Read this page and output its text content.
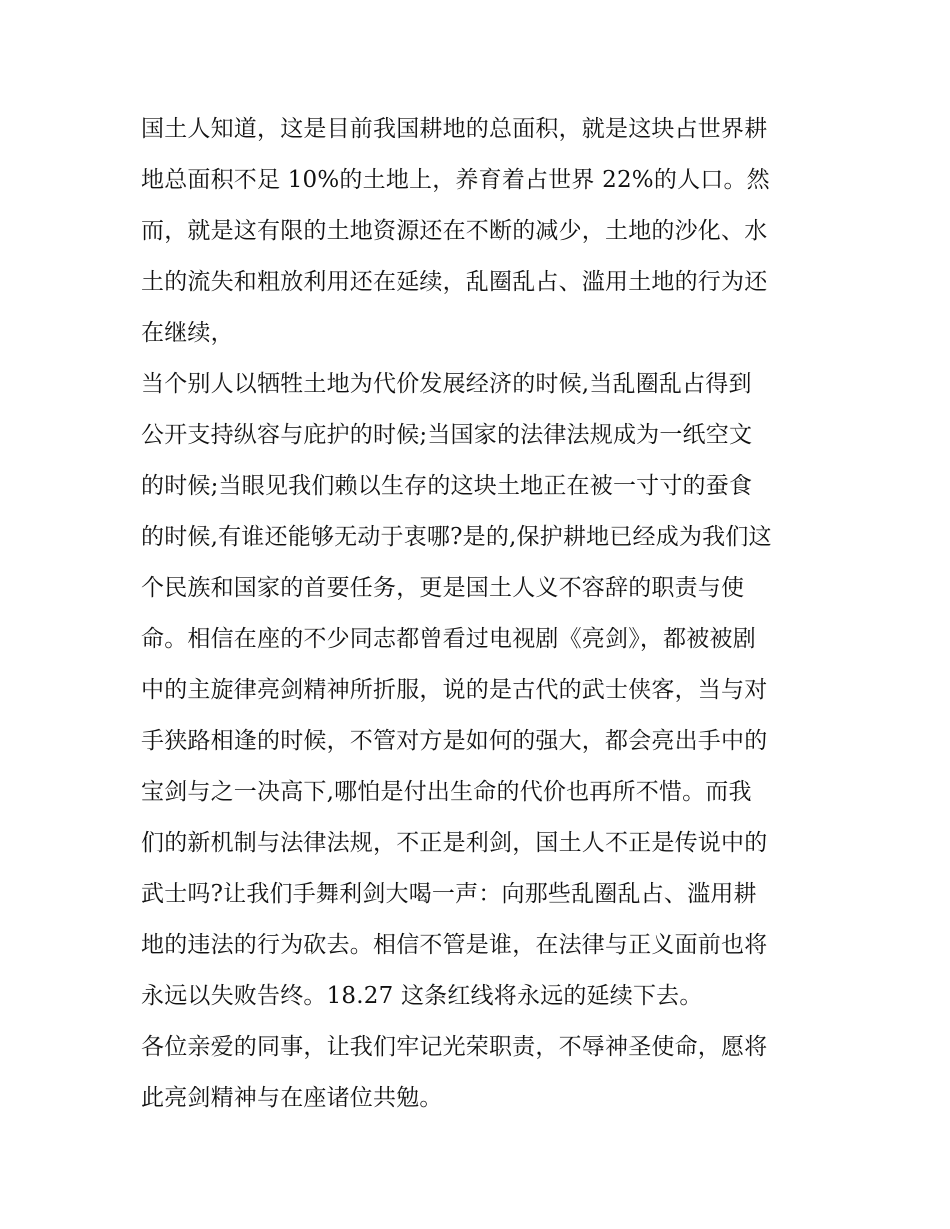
国土人知道，这是目前我国耕地的总面积，就是这块占世界耕
地总面积不足 10%的土地上，养育着占世界 22%的人口。然
而，就是这有限的土地资源还在不断的减少，土地的沙化、水
土的流失和粗放利用还在延续，乱圈乱占、滥用土地的行为还
在继续，

当个别人以牺牲土地为代价发展经济的时候,当乱圈乱占得到
公开支持纵容与庇护的时候;当国家的法律法规成为一纸空文
的时候;当眼见我们赖以生存的这块土地正在被一寸寸的蚕食
的时候,有谁还能够无动于衷哪?是的,保护耕地已经成为我们这
个民族和国家的首要任务，更是国土人义不容辞的职责与使
命。相信在座的不少同志都曾看过电视剧《亮剑》，都被被剧
中的主旋律亮剑精神所折服，说的是古代的武士侠客，当与对
手狭路相逢的时候，不管对方是如何的强大，都会亮出手中的
宝剑与之一决高下,哪怕是付出生命的代价也再所不惜。而我
们的新机制与法律法规，不正是利剑，国土人不正是传说中的
武士吗?让我们手舞利剑大喝一声：向那些乱圈乱占、滥用耕
地的违法的行为砍去。相信不管是谁，在法律与正义面前也将
永远以失败告终。18.27 这条红线将永远的延续下去。

各位亲爱的同事，让我们牢记光荣职责，不辱神圣使命，愿将
此亮剑精神与在座诸位共勉。
